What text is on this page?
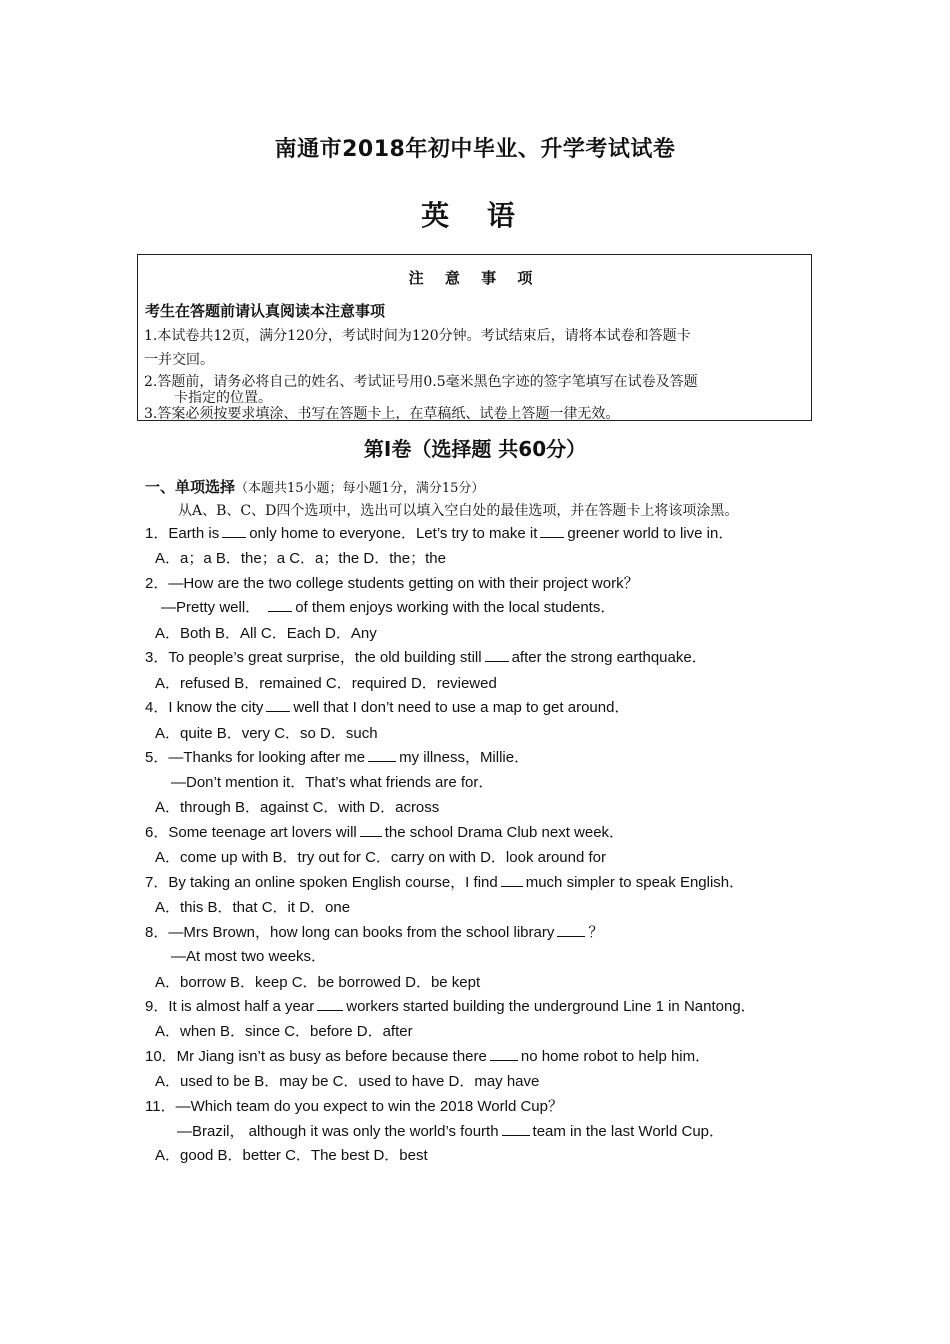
南通市2018年初中毕业、升学考试试卷
英 语
注 意 事 项
考生在答题前请认真阅读本注意事项
1.本试卷共12页，满分120分，考试时间为120分钟。考试结束后，请将本试卷和答题卡
一并交回。
2.答题前，请务必将自己的姓名、考试证号用0.5毫米黑色字迹的签字笔填写在试卷及答题
卡指定的位置。
3.答案必须按要求填涂、书写在答题卡上，在草稿纸、试卷上答题一律无效。
第Ⅰ卷（选择题 共60分）
一、单项选择（本题共15小题；每小题1分，满分15分）
从A、B、C、D四个选项中，选出可以填入空白处的最佳选项，并在答题卡上将该项涂黑。
1．Earth is only home to everyone．Let’s try to make it greener world to live in．
A．a；a B．the；a C．a；the D．the；the
2．—How are the two college students getting on with their project work？
—Pretty well． of them enjoys working with the local students．
A．Both B．All C．Each D．Any
3．To people’s great surprise，the old building still after the strong earthquake．
A．refused B．remained C．required D．reviewed
4．I know the city well that I don’t need to use a map to get around．
A．quite B．very C．so D．such
5．—Thanks for looking after me my illness，Millie．
—Don’t mention it．That’s what friends are for．
A．through B．against C．with D．across
6．Some teenage art lovers will the school Drama Club next week．
A．come up with B．try out for C．carry on with D．look around for
7．By taking an online spoken English course，I find much simpler to speak English．
A．this B．that C．it D．one
8．—Mrs Brown，how long can books from the school library ？
—At most two weeks．
A．borrow B．keep C．be borrowed D．be kept
9．It is almost half a year workers started building the underground Line 1 in Nantong．
A．when B．since C．before D．after
10．Mr Jiang isn’t as busy as before because there no home robot to help him．
A．used to be B．may be C．used to have D．may have
11．—Which team do you expect to win the 2018 World Cup？
—Brazil， although it was only the world’s fourth team in the last World Cup．
A．good B．better C．The best D．best
